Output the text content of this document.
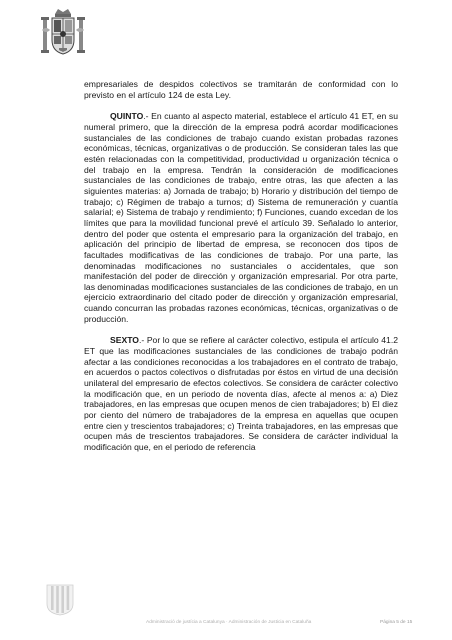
empresariales de despidos colectivos se tramitarán de conformidad con lo previsto en el artículo 124 de esta Ley.

QUINTO.- En cuanto al aspecto material, establece el artículo 41 ET, en su numeral primero, que la dirección de la empresa podrá acordar modificaciones sustanciales de las condiciones de trabajo cuando existan probadas razones económicas, técnicas, organizativas o de producción. Se consideran tales las que estén relacionadas con la competitividad, productividad u organización técnica o del trabajo en la empresa. Tendrán la consideración de modificaciones sustanciales de las condiciones de trabajo, entre otras, las que afecten a las siguientes materias: a) Jornada de trabajo; b) Horario y distribución del tiempo de trabajo; c) Régimen de trabajo a turnos; d) Sistema de remuneración y cuantía salarial; e) Sistema de trabajo y rendimiento; f) Funciones, cuando excedan de los límites que para la movilidad funcional prevé el artículo 39. Señalado lo anterior, dentro del poder que ostenta el empresario para la organización del trabajo, en aplicación del principio de libertad de empresa, se reconocen dos tipos de facultades modificativas de las condiciones de trabajo. Por una parte, las denominadas modificaciones no sustanciales o accidentales, que son manifestación del poder de dirección y organización empresarial. Por otra parte, las denominadas modificaciones sustanciales de las condiciones de trabajo, en un ejercicio extraordinario del citado poder de dirección y organización empresarial, cuando concurran las probadas razones económicas, técnicas, organizativas o de producción.

SEXTO.- Por lo que se refiere al carácter colectivo, estipula el artículo 41.2 ET que las modificaciones sustanciales de las condiciones de trabajo podrán afectar a las condiciones reconocidas a los trabajadores en el contrato de trabajo, en acuerdos o pactos colectivos o disfrutadas por éstos en virtud de una decisión unilateral del empresario de efectos colectivos. Se considera de carácter colectivo la modificación que, en un periodo de noventa días, afecte al menos a: a) Diez trabajadores, en las empresas que ocupen menos de cien trabajadores; b) El diez por ciento del número de trabajadores de la empresa en aquellas que ocupen entre cien y trescientos trabajadores; c) Treinta trabajadores, en las empresas que ocupen más de trescientos trabajadores. Se considera de carácter individual la modificación que, en el periodo de referencia

Administració de justícia a Catalunya · Administración de Justicia en Cataluña	Página 5 de 15
